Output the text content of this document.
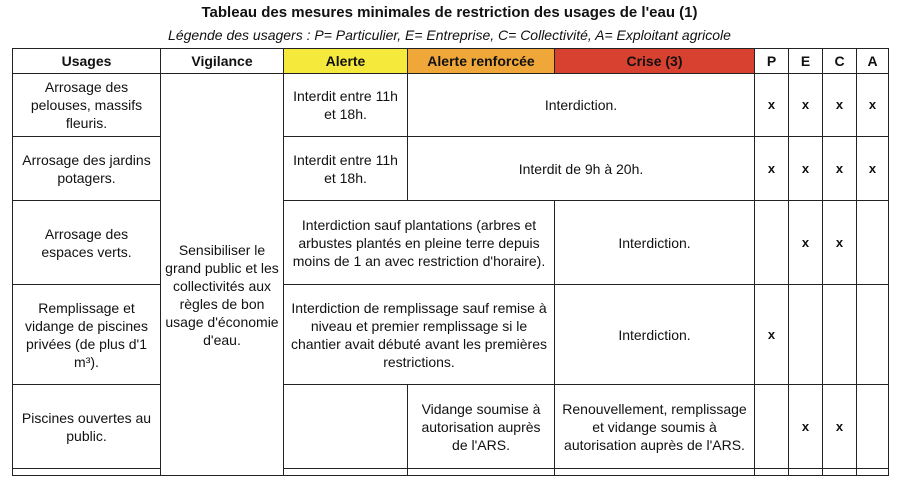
Tableau des mesures minimales de restriction des usages de l'eau (1)
Légende des usagers : P= Particulier, E= Entreprise, C= Collectivité, A= Exploitant agricole
Usages	Vigilance	Alerte	Alerte renforcée	Crise (3)	P	E	C	A
Arrosage des pelouses, massifs fleuris.	Sensibiliser le grand public et les collectivités aux règles de bon usage d'économie d'eau.	Interdit entre 11h et 18h.	Interdiction.		x	x	x	x
Arrosage des jardins potagers.		Interdit entre 11h et 18h.	Interdit de 9h à 20h.		x	x	x	x
Arrosage des espaces verts.		Interdiction sauf plantations (arbres et arbustes plantés en pleine terre depuis moins de 1 an avec restriction d'horaire).		Interdiction.		x	x	
Remplissage et vidange de piscines privées (de plus d'1 m³).		Interdiction de remplissage sauf remise à niveau et premier remplissage si le chantier avait débuté avant les premières restrictions.		Interdiction.	x			
Piscines ouvertes au public.			Vidange soumise à autorisation auprès de l'ARS.	Renouvellement, remplissage et vidange soumis à autorisation auprès de l'ARS.		x	x	
